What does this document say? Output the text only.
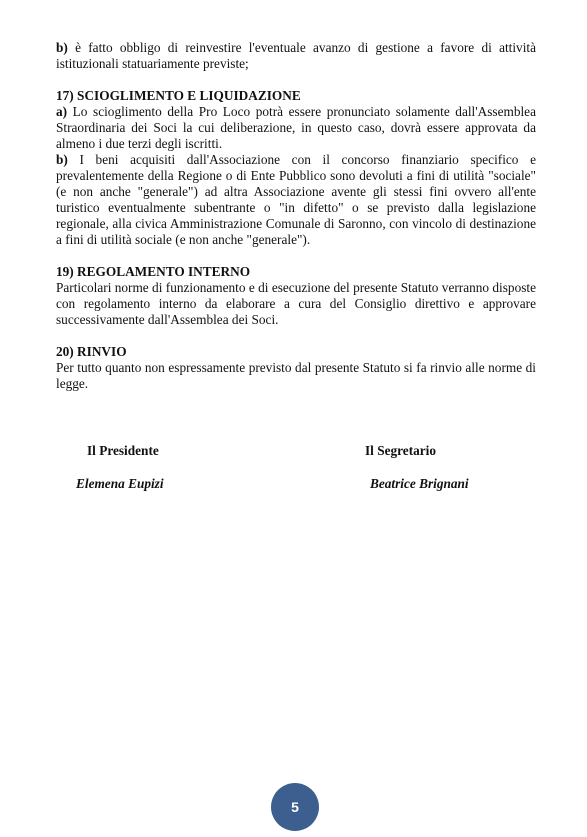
b) è fatto obbligo di reinvestire l'eventuale avanzo di gestione a favore di attività istituzionali statuariamente previste;

17) SCIOGLIMENTO E LIQUIDAZIONE

a) Lo scioglimento della Pro Loco potrà essere pronunciato solamente dall'Assemblea Straordinaria dei Soci la cui deliberazione, in questo caso, dovrà essere approvata da almeno i due terzi degli iscritti.

b) I beni acquisiti dall'Associazione con il concorso finanziario specifico e prevalentemente della Regione o di Ente Pubblico sono devoluti a fini di utilità "sociale" (e non anche "generale") ad altra Associazione avente gli stessi fini ovvero all'ente turistico eventualmente subentrante o "in difetto" o se previsto dalla legislazione regionale, alla civica Amministrazione Comunale di Saronno, con vincolo di destinazione a fini di utilità sociale (e non anche "generale").

19) REGOLAMENTO INTERNO

Particolari norme di funzionamento e di esecuzione del presente Statuto verranno disposte con regolamento interno da elaborare a cura del Consiglio direttivo e approvare successivamente dall'Assemblea dei Soci.

20) RINVIO

Per tutto quanto non espressamente previsto dal presente Statuto si fa rinvio alle norme di legge.

Il Presidente
Elemena Eupizi
Il Segretario
Beatrice Brignani
5
